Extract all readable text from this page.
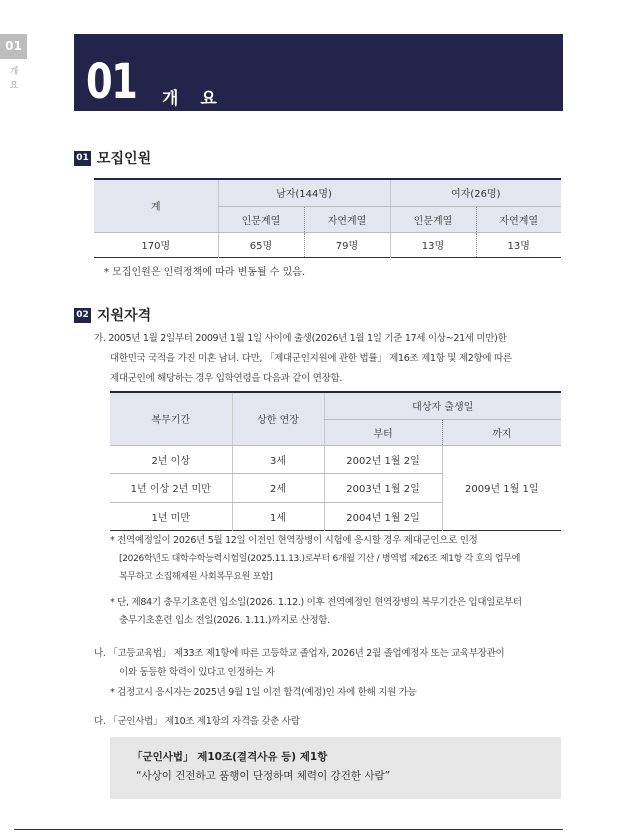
01
개
요 01 개 요
01 모집인원
계	남자(144명)		여자(26명)	
	인문계열	자연계열	인문계열	자연계열
170명	65명	79명	13명	13명
* 모집인원은 인력정책에 따라 변동될 수 있음.
02 지원자격
가. 2005년 1월 2일부터 2009년 1월 1일 사이에 출생(2026년 1월 1일 기준 17세 이상~21세 미만)한
대한민국 국적을 가진 미혼 남녀. 다만, 「제대군인지원에 관한 법률」 제16조 제1항 및 제2항에 따른
제대군인에 해당하는 경우 입학연령을 다음과 같이 연장함.
복무기간	상한 연장	대상자 출생일	
		부터	까지
2년 이상	3세	2002년 1월 2일	2009년 1월 1일
1년 이상 2년 미만	2세	2003년 1월 2일	
1년 미만	1세	2004년 1월 2일	
* 전역예정일이 2026년 5월 12일 이전인 현역장병이 시험에 응시할 경우 제대군인으로 인정
[2026학년도 대학수학능력시험일(2025.11.13.)로부터 6개월 기산 / 병역법 제26조 제1항 각 호의 업무에
복무하고 소집해제된 사회복무요원 포함]
* 단, 제84기 충무기초훈련 입소일(2026. 1.12.) 이후 전역예정인 현역장병의 복무기간은 입대일로부터
충무기초훈련 입소 전일(2026. 1.11.)까지로 산정함.
나. 「고등교육법」 제33조 제1항에 따른 고등학교 졸업자, 2026년 2월 졸업예정자 또는 교육부장관이
이와 동등한 학력이 있다고 인정하는 자
* 검정고시 응시자는 2025년 9월 1일 이전 합격(예정)인 자에 한해 지원 가능
다. 「군인사법」 제10조 제1항의 자격을 갖춘 사람
「군인사법」 제10조(결격사유 등) 제1항
“사상이 건전하고 품행이 단정하며 체력이 강건한 사람”
